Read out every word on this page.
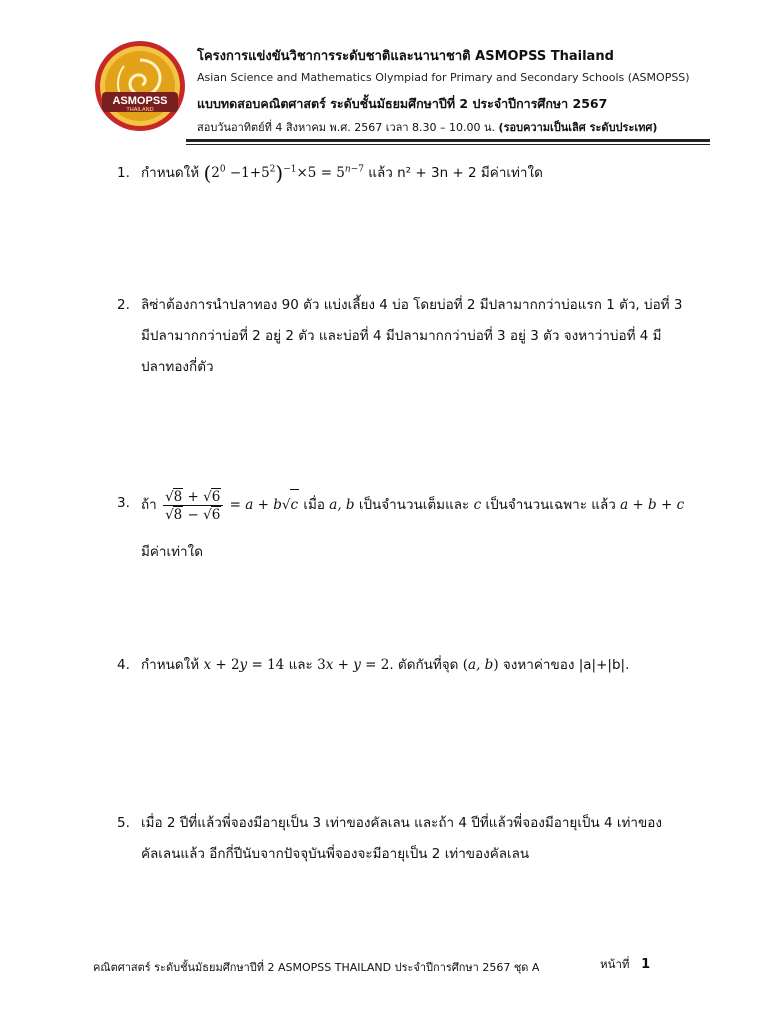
ASMOPSS
THAILAND
โครงการแข่งขันวิชาการระดับชาติและนานาชาติ ASMOPSS Thailand
Asian Science and Mathematics Olympiad for Primary and Secondary Schools (ASMOPSS)
แบบทดสอบคณิตศาสตร์ ระดับชั้นมัธยมศึกษาปีที่ 2 ประจำปีการศึกษา 2567
สอบวันอาทิตย์ที่ 4 สิงหาคม พ.ศ. 2567 เวลา 8.30 – 10.00 น. (รอบความเป็นเลิศ ระดับประเทศ)
1. กำหนดให้ $(2^0 -1+5^2)^{-1}\times 5 = 5^{n-7}$ แล้ว n² + 3n + 2 มีค่าเท่าใด
2. ลิซ่าต้องการนำปลาทอง 90 ตัว แบ่งเลี้ยง 4 บ่อ โดยบ่อที่ 2 มีปลามากกว่าบ่อแรก 1 ตัว, บ่อที่ 3
มีปลามากกว่าบ่อที่ 2 อยู่ 2 ตัว และบ่อที่ 4 มีปลามากกว่าบ่อที่ 3 อยู่ 3 ตัว จงหาว่าบ่อที่ 4 มี
ปลาทองกี่ตัว
3. ถ้า $\frac{√8 + √6}{√8 - √6} = a + b√c$ เมื่อ a, b เป็นจำนวนเต็มและ c เป็นจำนวนเฉพาะ แล้ว a + b + c
มีค่าเท่าใด
4. กำหนดให้ x + 2y = 14 และ 3x + y = 2. ตัดกันที่จุด (a, b) จงหาค่าของ |a|+|b|.
5. เมื่อ 2 ปีที่แล้วพี่จองมีอายุเป็น 3 เท่าของคัลเลน และถ้า 4 ปีที่แล้วพี่จองมีอายุเป็น 4 เท่าของ
คัลเลนแล้ว อีกกี่ปีนับจากปัจจุบันพี่จองจะมีอายุเป็น 2 เท่าของคัลเลน
คณิตศาสตร์ ระดับชั้นมัธยมศึกษาปีที่ 2 ASMOPSS THAILAND ประจำปีการศึกษา 2567 ชุด A	หน้าที่ 1
